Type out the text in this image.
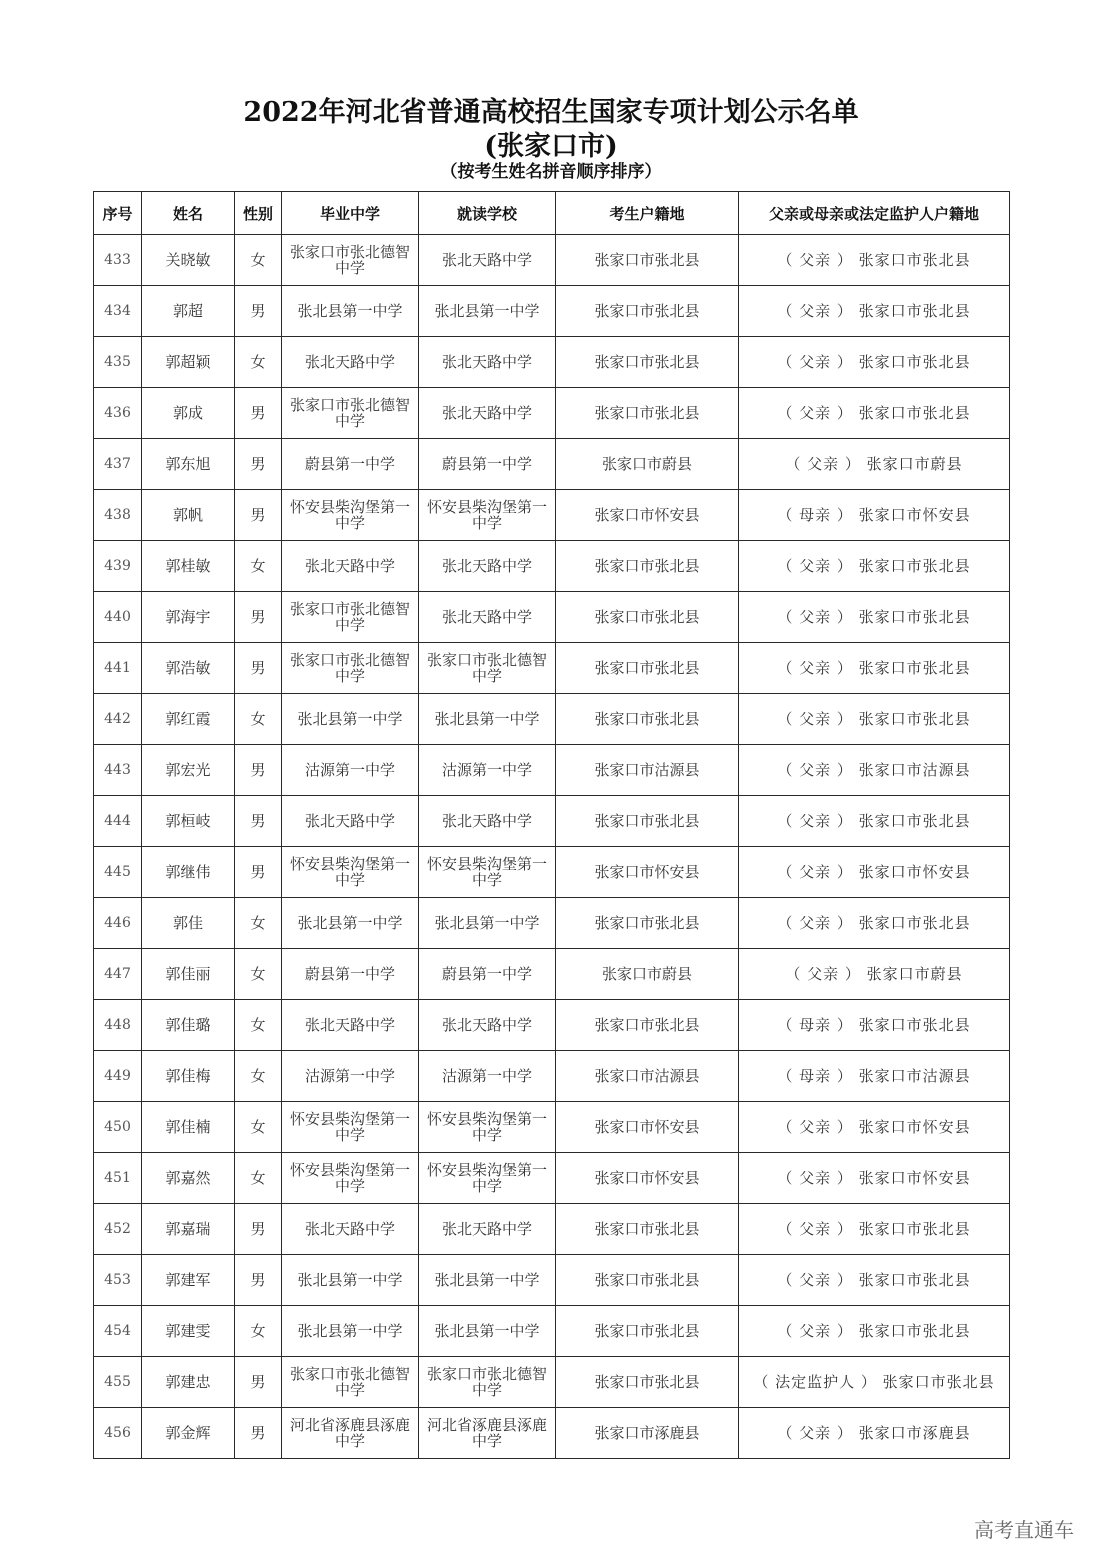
2022年河北省普通高校招生国家专项计划公示名单
(张家口市)
（按考生姓名拼音顺序排序）
序号	姓名	性别	毕业中学	就读学校	考生户籍地	父亲或母亲或法定监护人户籍地
433	关晓敏	女	张家口市张北德智中学	张北天路中学	张家口市张北县	（ 父亲 ） 张家口市张北县
434	郭超	男	张北县第一中学	张北县第一中学	张家口市张北县	（ 父亲 ） 张家口市张北县
435	郭超颖	女	张北天路中学	张北天路中学	张家口市张北县	（ 父亲 ） 张家口市张北县
436	郭成	男	张家口市张北德智中学	张北天路中学	张家口市张北县	（ 父亲 ） 张家口市张北县
437	郭东旭	男	蔚县第一中学	蔚县第一中学	张家口市蔚县	（ 父亲 ） 张家口市蔚县
438	郭帆	男	怀安县柴沟堡第一中学	怀安县柴沟堡第一中学	张家口市怀安县	（ 母亲 ） 张家口市怀安县
439	郭桂敏	女	张北天路中学	张北天路中学	张家口市张北县	（ 父亲 ） 张家口市张北县
440	郭海宇	男	张家口市张北德智中学	张北天路中学	张家口市张北县	（ 父亲 ） 张家口市张北县
441	郭浩敏	男	张家口市张北德智中学	张家口市张北德智中学	张家口市张北县	（ 父亲 ） 张家口市张北县
442	郭红霞	女	张北县第一中学	张北县第一中学	张家口市张北县	（ 父亲 ） 张家口市张北县
443	郭宏光	男	沽源第一中学	沽源第一中学	张家口市沽源县	（ 父亲 ） 张家口市沽源县
444	郭桓岐	男	张北天路中学	张北天路中学	张家口市张北县	（ 父亲 ） 张家口市张北县
445	郭继伟	男	怀安县柴沟堡第一中学	怀安县柴沟堡第一中学	张家口市怀安县	（ 父亲 ） 张家口市怀安县
446	郭佳	女	张北县第一中学	张北县第一中学	张家口市张北县	（ 父亲 ） 张家口市张北县
447	郭佳丽	女	蔚县第一中学	蔚县第一中学	张家口市蔚县	（ 父亲 ） 张家口市蔚县
448	郭佳璐	女	张北天路中学	张北天路中学	张家口市张北县	（ 母亲 ） 张家口市张北县
449	郭佳梅	女	沽源第一中学	沽源第一中学	张家口市沽源县	（ 母亲 ） 张家口市沽源县
450	郭佳楠	女	怀安县柴沟堡第一中学	怀安县柴沟堡第一中学	张家口市怀安县	（ 父亲 ） 张家口市怀安县
451	郭嘉然	女	怀安县柴沟堡第一中学	怀安县柴沟堡第一中学	张家口市怀安县	（ 父亲 ） 张家口市怀安县
452	郭嘉瑞	男	张北天路中学	张北天路中学	张家口市张北县	（ 父亲 ） 张家口市张北县
453	郭建军	男	张北县第一中学	张北县第一中学	张家口市张北县	（ 父亲 ） 张家口市张北县
454	郭建雯	女	张北县第一中学	张北县第一中学	张家口市张北县	（ 父亲 ） 张家口市张北县
455	郭建忠	男	张家口市张北德智中学	张家口市张北德智中学	张家口市张北县	（ 法定监护人 ） 张家口市张北县
456	郭金辉	男	河北省涿鹿县涿鹿中学	河北省涿鹿县涿鹿中学	张家口市涿鹿县	（ 父亲 ） 张家口市涿鹿县
高考直通车
